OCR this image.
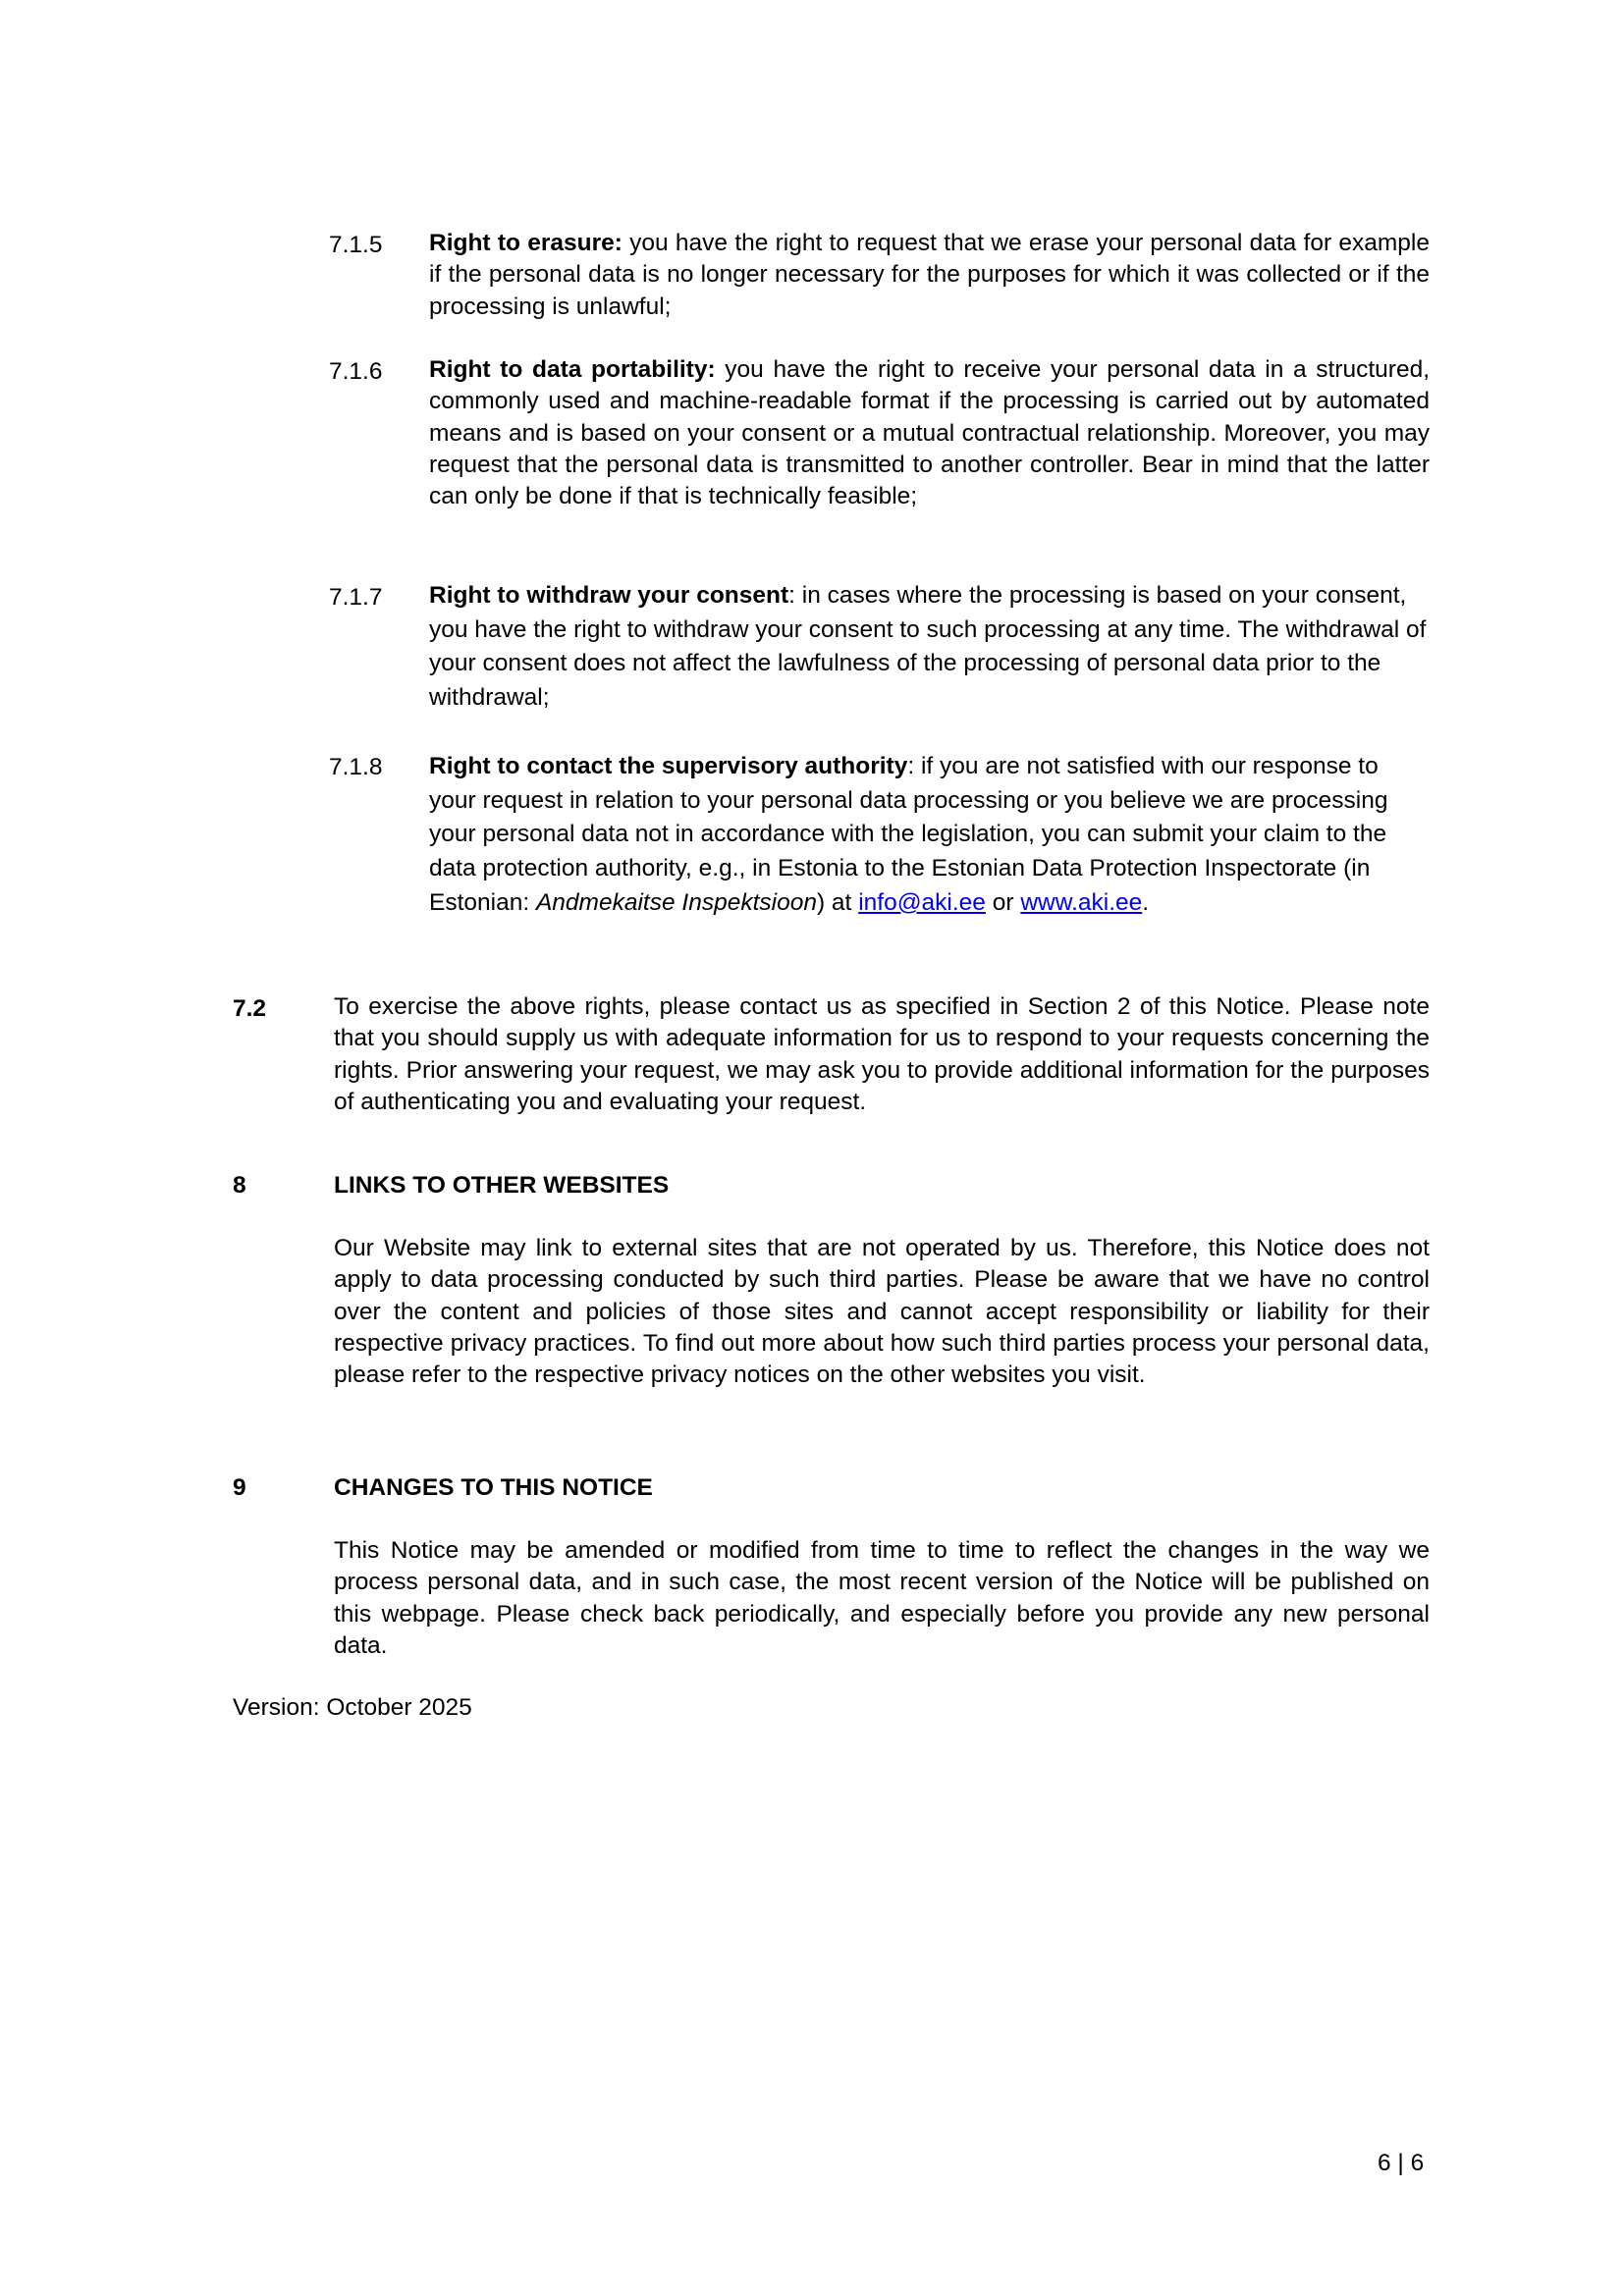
7.1.5 Right to erasure: you have the right to request that we erase your personal data for example if the personal data is no longer necessary for the purposes for which it was collected or if the processing is unlawful;
7.1.6 Right to data portability: you have the right to receive your personal data in a structured, commonly used and machine-readable format if the processing is carried out by automated means and is based on your consent or a mutual contractual relationship. Moreover, you may request that the personal data is transmitted to another controller. Bear in mind that the latter can only be done if that is technically feasible;
7.1.7 Right to withdraw your consent: in cases where the processing is based on your consent, you have the right to withdraw your consent to such processing at any time. The withdrawal of your consent does not affect the lawfulness of the processing of personal data prior to the withdrawal;
7.1.8 Right to contact the supervisory authority: if you are not satisfied with our response to your request in relation to your personal data processing or you believe we are processing your personal data not in accordance with the legislation, you can submit your claim to the data protection authority, e.g., in Estonia to the Estonian Data Protection Inspectorate (in Estonian: Andmekaitse Inspektsioon) at info@aki.ee or www.aki.ee.
7.2	To exercise the above rights, please contact us as specified in Section 2 of this Notice. Please note that you should supply us with adequate information for us to respond to your requests concerning the rights. Prior answering your request, we may ask you to provide additional information for the purposes of authenticating you and evaluating your request.
8	LINKS TO OTHER WEBSITES
Our Website may link to external sites that are not operated by us. Therefore, this Notice does not apply to data processing conducted by such third parties. Please be aware that we have no control over the content and policies of those sites and cannot accept responsibility or liability for their respective privacy practices. To find out more about how such third parties process your personal data, please refer to the respective privacy notices on the other websites you visit.
9	CHANGES TO THIS NOTICE
This Notice may be amended or modified from time to time to reflect the changes in the way we process personal data, and in such case, the most recent version of the Notice will be published on this webpage. Please check back periodically, and especially before you provide any new personal data.
Version: October 2025
6 | 6
